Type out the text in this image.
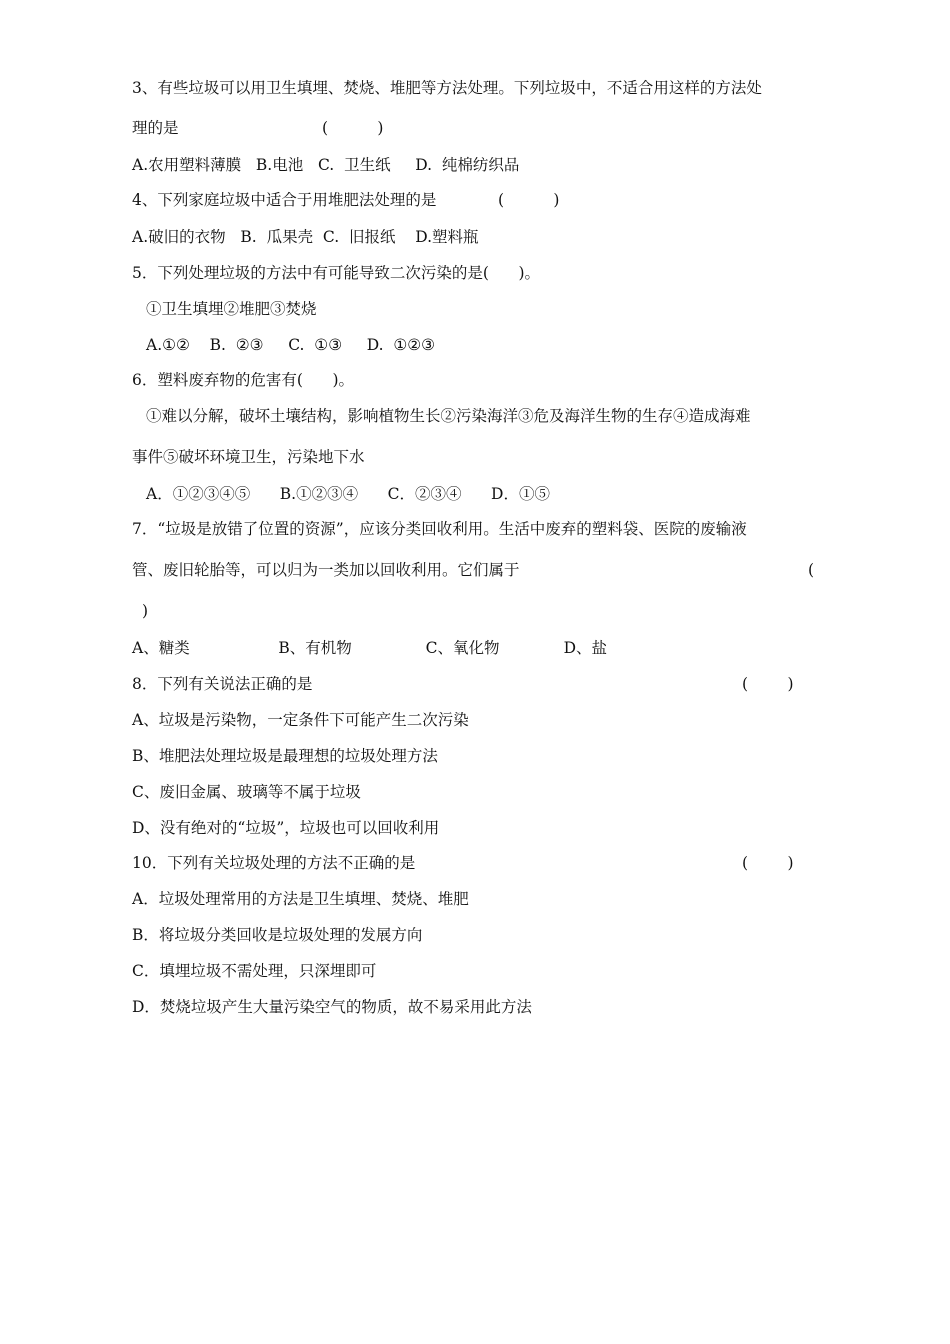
3、有些垃圾可以用卫生填埋、焚烧、堆肥等方法处理。下列垃圾中，不适合用这样的方法处
理的是	(          )
A.农用塑料薄膜   B.电池   C.  卫生纸     D.  纯棉纺织品
4、下列家庭垃圾中适合于用堆肥法处理的是	(          )
A.破旧的衣物   B.  瓜果壳  C.  旧报纸    D.塑料瓶
5．下列处理垃圾的方法中有可能导致二次污染的是(      )。
①卫生填埋②堆肥③焚烧
A.①②    B.  ②③     C.  ①③     D.  ①②③
6．塑料废弃物的危害有(      )。
①难以分解，破坏土壤结构，影响植物生长②污染海洋③危及海洋生物的生存④造成海难
事件⑤破坏环境卫生，污染地下水
A．①②③④⑤      B.①②③④      C．②③④      D．①⑤
7．“垃圾是放错了位置的资源”，应该分类回收利用。生活中废弃的塑料袋、医院的废输液
管、废旧轮胎等，可以归为一类加以回收利用。它们属于	(
)
A、糖类                  B、有机物               C、氧化物             D、盐
8．下列有关说法正确的是	(        )
A、垃圾是污染物，一定条件下可能产生二次污染
B、堆肥法处理垃圾是最理想的垃圾处理方法
C、废旧金属、玻璃等不属于垃圾
D、没有绝对的“垃圾”，垃圾也可以回收利用
10．下列有关垃圾处理的方法不正确的是	(        )
A．垃圾处理常用的方法是卫生填埋、焚烧、堆肥
B．将垃圾分类回收是垃圾处理的发展方向
C．填埋垃圾不需处理，只深埋即可
D．焚烧垃圾产生大量污染空气的物质，故不易采用此方法
